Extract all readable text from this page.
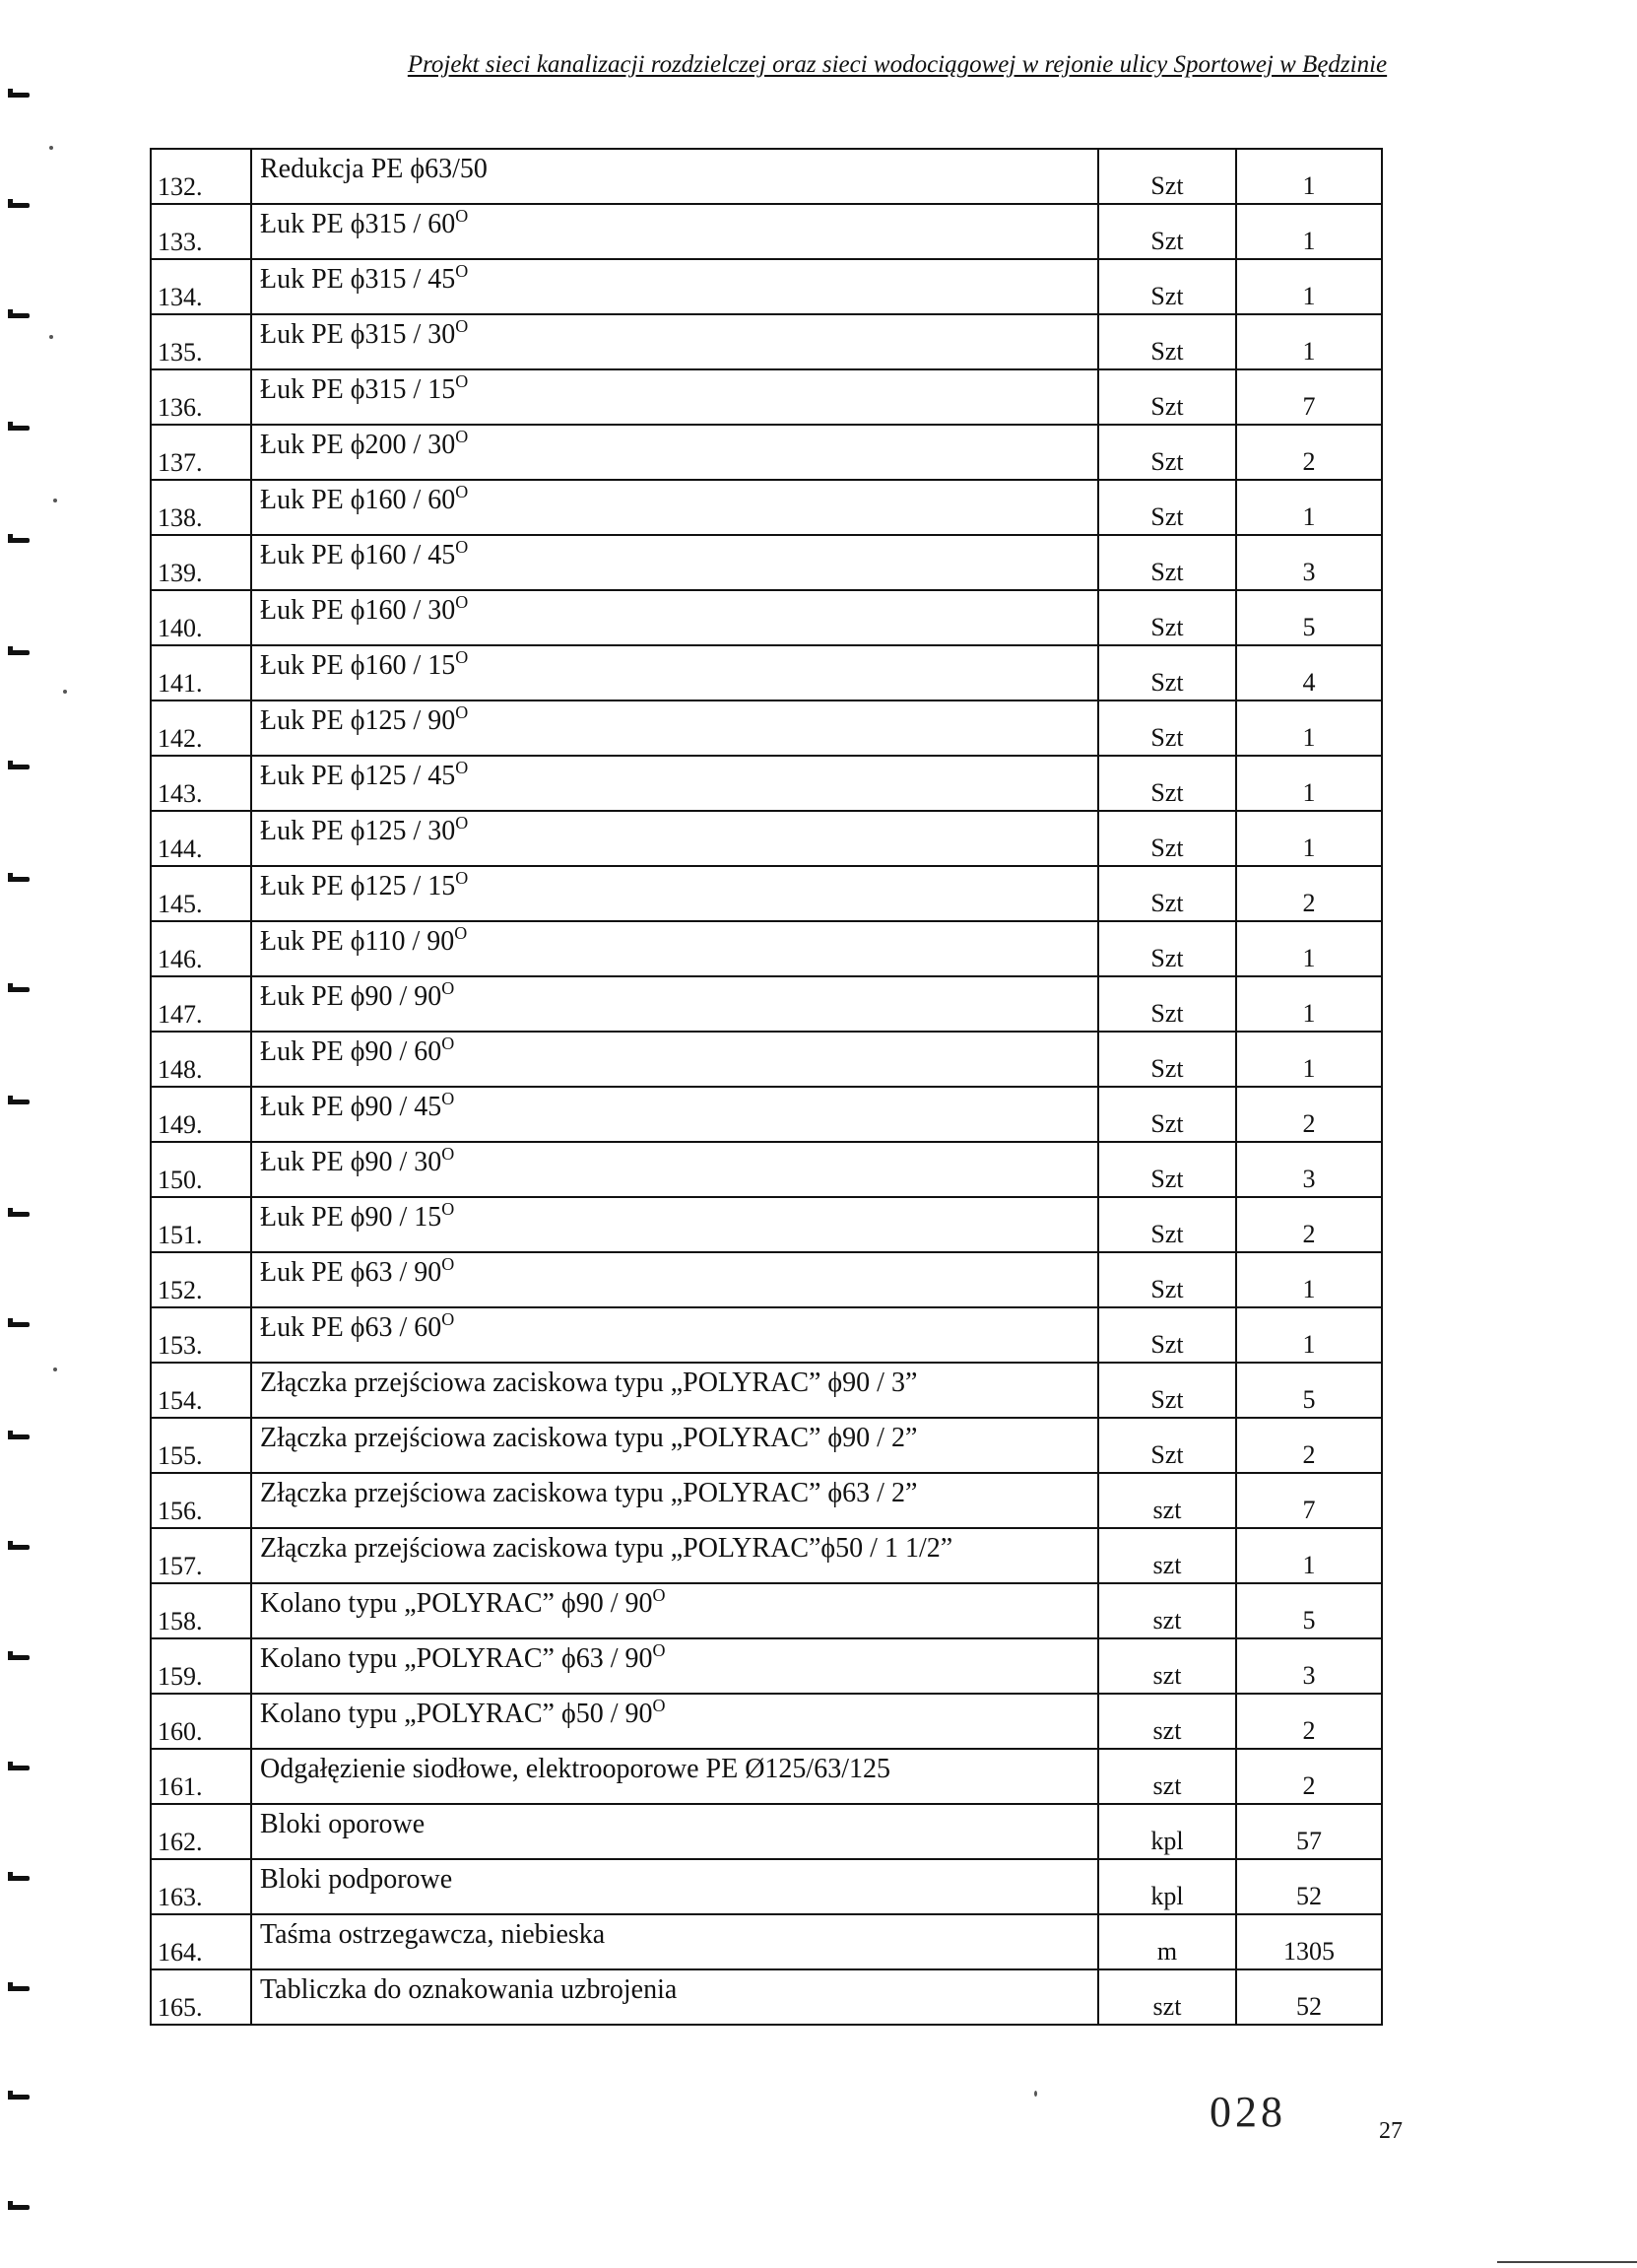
Projekt sieci kanalizacji rozdzielczej oraz sieci wodociągowej w rejonie ulicy Sportowej w Będzinie
132.	Redukcja PE ϕ63/50	Szt	1
133.	Łuk PE $\phi 315 / 60^O$	Szt	1
134.	Łuk PE $\phi 315 / 45^O$	Szt	1
135.	Łuk PE $\phi 315 / 30^O$	Szt	1
136.	Łuk PE $\phi 315 / 15^O$	Szt	7
137.	Łuk PE $\phi 200 / 30^O$	Szt	2
138.	Łuk PE $\phi 160 / 60^O$	Szt	1
139.	Łuk PE $\phi 160 / 45^O$	Szt	3
140.	Łuk PE $\phi 160 / 30^O$	Szt	5
141.	Łuk PE $\phi 160 / 15^O$	Szt	4
142.	Łuk PE $\phi 125 / 90^O$	Szt	1
143.	Łuk PE $\phi 125 / 45^O$	Szt	1
144.	Łuk PE $\phi 125 / 30^O$	Szt	1
145.	Łuk PE $\phi 125 / 15^O$	Szt	2
146.	Łuk PE $\phi 110 / 90^O$	Szt	1
147.	Łuk PE $\phi 90 / 90^O$	Szt	1
148.	Łuk PE $\phi 90 / 60^O$	Szt	1
149.	Łuk PE $\phi 90 / 45^O$	Szt	2
150.	Łuk PE $\phi 90 / 30^O$	Szt	3
151.	Łuk PE $\phi 90 / 15^O$	Szt	2
152.	Łuk PE $\phi 63 / 90^O$	Szt	1
153.	Łuk PE $\phi 63 / 60^O$	Szt	1
154.	Złączka przejściowa zaciskowa typu „POLYRAC” ϕ90 / 3”	Szt	5
155.	Złączka przejściowa zaciskowa typu „POLYRAC” ϕ90 / 2”	Szt	2
156.	Złączka przejściowa zaciskowa typu „POLYRAC” ϕ63 / 2”	szt	7
157.	Złączka przejściowa zaciskowa typu „POLYRAC”ϕ50 / 1 1/2”	szt	1
158.	Kolano typu „POLYRAC” $\phi 90 / 90^O$	szt	5
159.	Kolano typu „POLYRAC” $\phi 63 / 90^O$	szt	3
160.	Kolano typu „POLYRAC” $\phi 50 / 90^O$	szt	2
161.	Odgałęzienie siodłowe, elektrooporowe PE Ø125/63/125	szt	2
162.	Bloki oporowe	kpl	57
163.	Bloki podporowe	kpl	52
164.	Taśma ostrzegawcza, niebieska	m	1305
165.	Tabliczka do oznakowania uzbrojenia	szt	52
028	27
